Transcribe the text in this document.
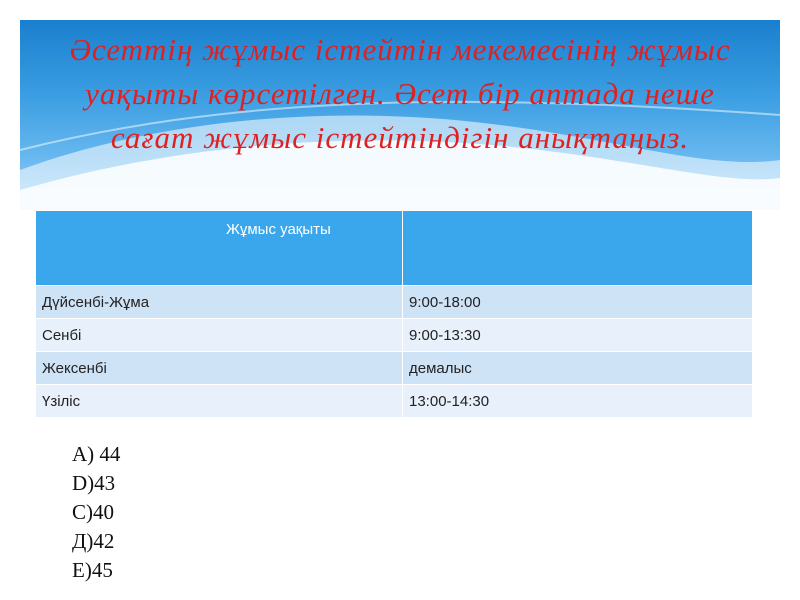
Әсеттің жұмыс істейтін мекемесінің жұмыс уақыты көрсетілген. Әсет бір аптада неше сағат жұмыс істейтіндігін анықтаңыз.
Жұмыс уақыты	
Дүйсенбі-Жұма	9:00-18:00
Сенбі	9:00-13:30
Жексенбі	демалыс
Үзіліс	13:00-14:30
A) 44
D)43
C)40
Д)42
E)45
